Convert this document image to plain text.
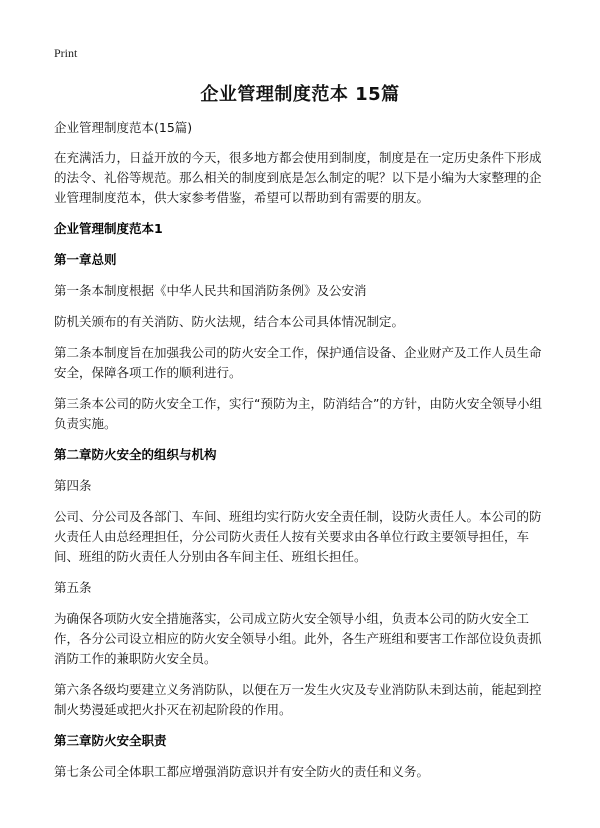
Print
企业管理制度范本 15篇

企业管理制度范本(15篇)

在充满活力，日益开放的今天，很多地方都会使用到制度，制度是在一定历史条件下形成的法令、礼俗等规范。那么相关的制度到底是怎么制定的呢？以下是小编为大家整理的企业管理制度范本，供大家参考借鉴，希望可以帮助到有需要的朋友。

企业管理制度范本1

第一章总则

第一条本制度根据《中华人民共和国消防条例》及公安消

防机关颁布的有关消防、防火法规，结合本公司具体情况制定。

第二条本制度旨在加强我公司的防火安全工作，保护通信设备、企业财产及工作人员生命安全，保障各项工作的顺利进行。

第三条本公司的防火安全工作，实行“预防为主，防消结合”的方针，由防火安全领导小组负责实施。

第二章防火安全的组织与机构

第四条

公司、分公司及各部门、车间、班组均实行防火安全责任制，设防火责任人。本公司的防火责任人由总经理担任，分公司防火责任人按有关要求由各单位行政主要领导担任，车间、班组的防火责任人分别由各车间主任、班组长担任。

第五条

为确保各项防火安全措施落实，公司成立防火安全领导小组，负责本公司的防火安全工作，各分公司设立相应的防火安全领导小组。此外，各生产班组和要害工作部位设负责抓消防工作的兼职防火安全员。

第六条各级均要建立义务消防队，以便在万一发生火灾及专业消防队未到达前，能起到控制火势漫延或把火扑灭在初起阶段的作用。

第三章防火安全职责

第七条公司全体职工都应增强消防意识并有安全防火的责任和义务。
